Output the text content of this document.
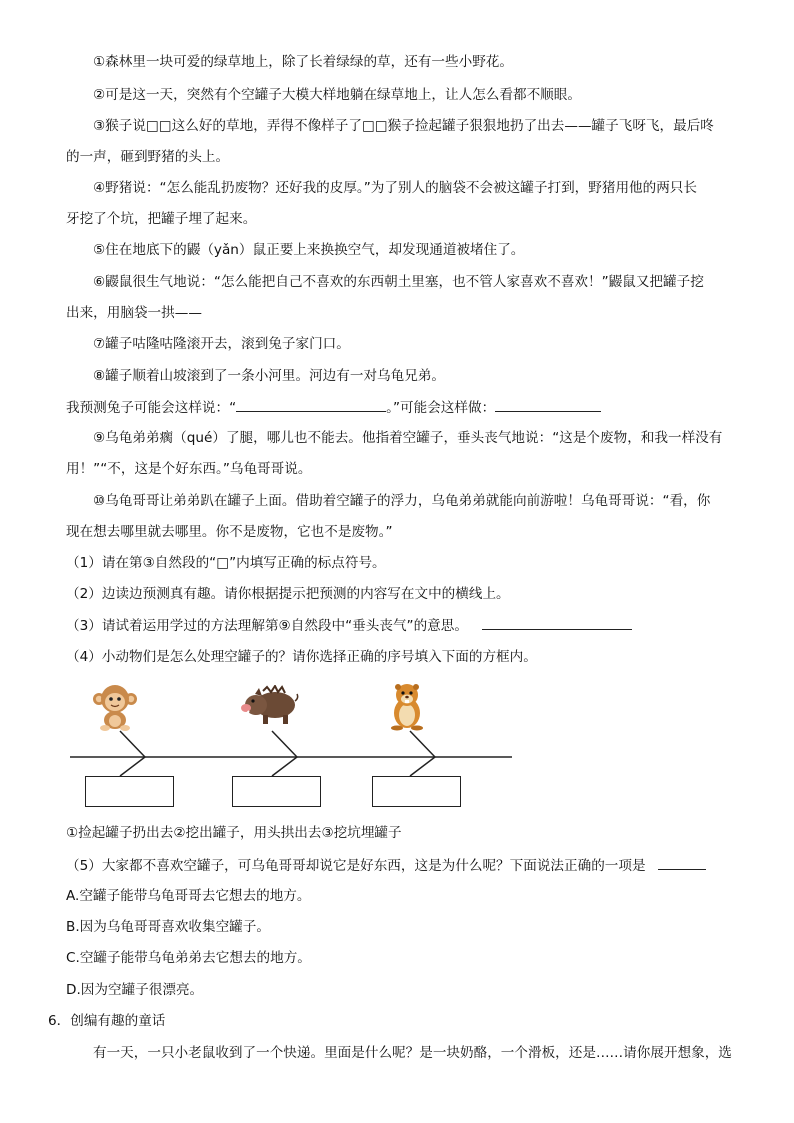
①森林里一块可爱的绿草地上，除了长着绿绿的草，还有一些小野花。
②可是这一天，突然有个空罐子大模大样地躺在绿草地上，让人怎么看都不顺眼。
③猴子说□□这么好的草地，弄得不像样子了□□猴子捡起罐子狠狠地扔了出去——罐子飞呀飞，最后咚
的一声，砸到野猪的头上。
④野猪说：“怎么能乱扔废物？还好我的皮厚。”为了别人的脑袋不会被这罐子打到，野猪用他的两只长
牙挖了个坑，把罐子埋了起来。
⑤住在地底下的鼹（yǎn）鼠正要上来换换空气，却发现通道被堵住了。
⑥鼹鼠很生气地说：“怎么能把自己不喜欢的东西朝土里塞，也不管人家喜欢不喜欢！”鼹鼠又把罐子挖
出来，用脑袋一拱——
⑦罐子咕隆咕隆滚开去，滚到兔子家门口。
⑧罐子顺着山坡滚到了一条小河里。河边有一对乌龟兄弟。
我预测兔子可能会这样说：“	。”可能会这样做：
⑨乌龟弟弟瘸（qué）了腿，哪儿也不能去。他指着空罐子，垂头丧气地说：“这是个废物，和我一样没有
用！”“不，这是个好东西。”乌龟哥哥说。
⑩乌龟哥哥让弟弟趴在罐子上面。借助着空罐子的浮力，乌龟弟弟就能向前游啦！乌龟哥哥说：“看，你
现在想去哪里就去哪里。你不是废物，它也不是废物。”
（1）请在第③自然段的“□”内填写正确的标点符号。
（2）边读边预测真有趣。请你根据提示把预测的内容写在文中的横线上。
（3）请试着运用学过的方法理解第⑨自然段中“垂头丧气”的意思。
（4）小动物们是怎么处理空罐子的？请你选择正确的序号填入下面的方框内。
①捡起罐子扔出去②挖出罐子，用头拱出去③挖坑埋罐子
（5）大家都不喜欢空罐子，可乌龟哥哥却说它是好东西，这是为什么呢？下面说法正确的一项是
A.空罐子能带乌龟哥哥去它想去的地方。
B.因为乌龟哥哥喜欢收集空罐子。
C.空罐子能带乌龟弟弟去它想去的地方。
D.因为空罐子很漂亮。
6．创编有趣的童话
有一天，一只小老鼠收到了一个快递。里面是什么呢？是一块奶酪，一个滑板，还是……请你展开想象，选
